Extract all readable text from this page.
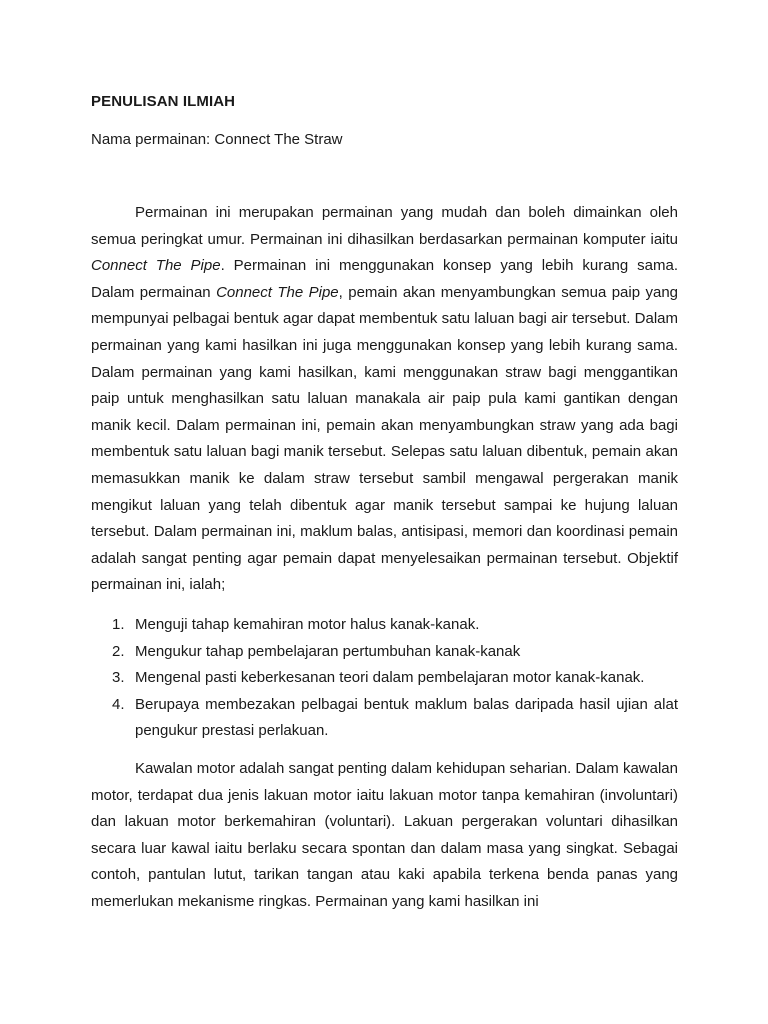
PENULISAN ILMIAH
Nama permainan: Connect The Straw

Permainan ini merupakan permainan yang mudah dan boleh dimainkan oleh semua peringkat umur. Permainan ini dihasilkan berdasarkan permainan komputer iaitu Connect The Pipe. Permainan ini menggunakan konsep yang lebih kurang sama. Dalam permainan Connect The Pipe, pemain akan menyambungkan semua paip yang mempunyai pelbagai bentuk agar dapat membentuk satu laluan bagi air tersebut. Dalam permainan yang kami hasilkan ini juga menggunakan konsep yang lebih kurang sama. Dalam permainan yang kami hasilkan, kami menggunakan straw bagi menggantikan paip untuk menghasilkan satu laluan manakala air paip pula kami gantikan dengan manik kecil. Dalam permainan ini, pemain akan menyambungkan straw yang ada bagi membentuk satu laluan bagi manik tersebut. Selepas satu laluan dibentuk, pemain akan memasukkan manik ke dalam straw tersebut sambil mengawal pergerakan manik mengikut laluan yang telah dibentuk agar manik tersebut sampai ke hujung laluan tersebut. Dalam permainan ini, maklum balas, antisipasi, memori dan koordinasi pemain adalah sangat penting agar pemain dapat menyelesaikan permainan tersebut. Objektif permainan ini, ialah;

1. Menguji tahap kemahiran motor halus kanak-kanak.
2. Mengukur tahap pembelajaran pertumbuhan kanak-kanak
3. Mengenal pasti keberkesanan teori dalam pembelajaran motor kanak-kanak.
4. Berupaya membezakan pelbagai bentuk maklum balas daripada hasil ujian alat pengukur prestasi perlakuan.

Kawalan motor adalah sangat penting dalam kehidupan seharian. Dalam kawalan motor, terdapat dua jenis lakuan motor iaitu lakuan motor tanpa kemahiran (involuntari) dan lakuan motor berkemahiran (voluntari). Lakuan pergerakan voluntari dihasilkan secara luar kawal iaitu berlaku secara spontan dan dalam masa yang singkat. Sebagai contoh, pantulan lutut, tarikan tangan atau kaki apabila terkena benda panas yang memerlukan mekanisme ringkas. Permainan yang kami hasilkan ini
